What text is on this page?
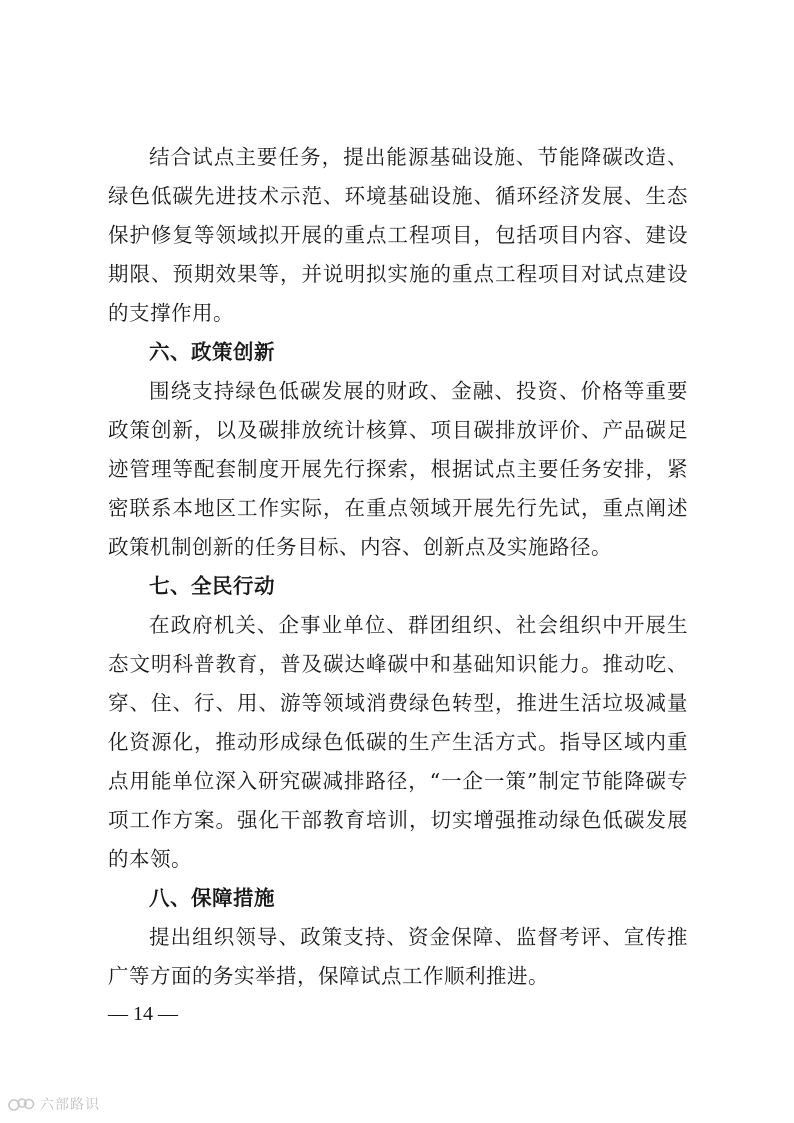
结合试点主要任务，提出能源基础设施、节能降碳改造、绿色低碳先进技术示范、环境基础设施、循环经济发展、生态保护修复等领域拟开展的重点工程项目，包括项目内容、建设期限、预期效果等，并说明拟实施的重点工程项目对试点建设的支撑作用。

六、政策创新

围绕支持绿色低碳发展的财政、金融、投资、价格等重要政策创新，以及碳排放统计核算、项目碳排放评价、产品碳足迹管理等配套制度开展先行探索，根据试点主要任务安排，紧密联系本地区工作实际，在重点领域开展先行先试，重点阐述政策机制创新的任务目标、内容、创新点及实施路径。

七、全民行动

在政府机关、企事业单位、群团组织、社会组织中开展生态文明科普教育，普及碳达峰碳中和基础知识能力。推动吃、穿、住、行、用、游等领域消费绿色转型，推进生活垃圾减量化资源化，推动形成绿色低碳的生产生活方式。指导区域内重点用能单位深入研究碳减排路径，“一企一策”制定节能降碳专项工作方案。强化干部教育培训，切实增强推动绿色低碳发展的本领。

八、保障措施

提出组织领导、政策支持、资金保障、监督考评、宣传推广等方面的务实举措，保障试点工作顺利推进。

— 14 —
六部路识
